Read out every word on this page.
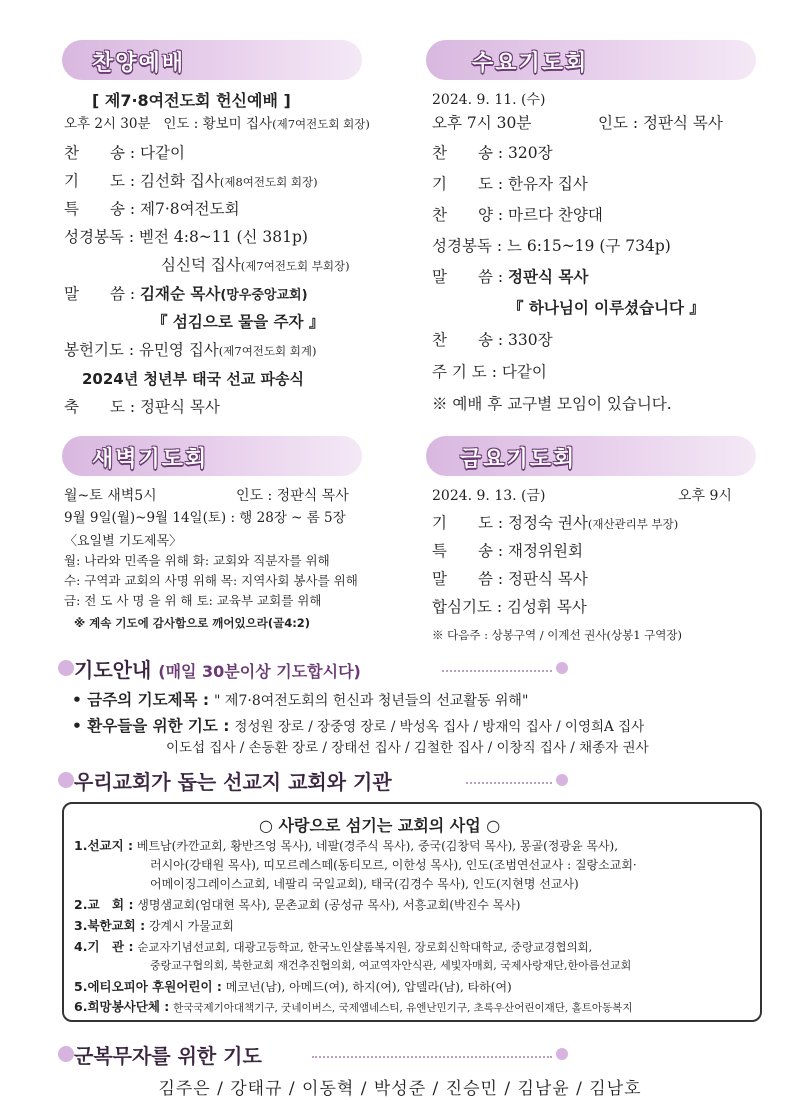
찬양예배	수요기도회
[ 제7·8여전도회 헌신예배 ]
오후 2시 30분 인도 : 황보미 집사(제7여전도회 회장)
찬　　송 : 다같이
기　　도 : 김선화 집사(제8여전도회 회장)
특　　송 : 제7·8여전도회
성경봉독 : 벧전 4:8~11 (신 381p)
심신덕 집사(제7여전도회 부회장)
말　　씀 : 김재순 목사(망우중앙교회)
『 섬김으로 물을 주자 』
봉헌기도 : 유민영 집사(제7여전도회 회계)
2024년 청년부 태국 선교 파송식
축　　도 : 정판식 목사
2024. 9. 11. (수)
오후 7시 30분	인도 : 정판식 목사
찬　　송 : 320장
기　　도 : 한유자 집사
찬　　양 : 마르다 찬양대
성경봉독 : 느 6:15~19 (구 734p)
말　　씀 : 정판식 목사
『 하나님이 이루셨습니다 』
찬　　송 : 330장
주 기 도 : 다같이
※ 예배 후 교구별 모임이 있습니다.
새벽기도회	금요기도회
월~토 새벽5시	인도 : 정판식 목사
9월 9일(월)~9월 14일(토) : 행 28장 ~ 롬 5장
〈요일별 기도제목〉
월: 나라와 민족을 위해 화: 교회와 직분자를 위해
수: 구역과 교회의 사명 위해 목: 지역사회 봉사를 위해
금: 전 도 사 명 을 위 해 토: 교육부 교회를 위해
※ 계속 기도에 감사함으로 깨어있으라(골4:2)
2024. 9. 13. (금)	오후 9시
기　　도 : 정정숙 권사(재산관리부 부장)
특　　송 : 재정위원회
말　　씀 : 정판식 목사
합심기도 : 김성휘 목사
※ 다음주 : 상봉구역 / 이계선 권사(상봉1 구역장)
기도안내 (매일 30분이상 기도합시다)
• 금주의 기도제목 : " 제7·8여전도회의 헌신과 청년들의 선교활동 위해"
• 환우들을 위한 기도 : 정성원 장로 / 장중영 장로 / 박성옥 집사 / 방재익 집사 / 이영희A 집사
이도섭 집사 / 손동환 장로 / 장태선 집사 / 김철한 집사 / 이창직 집사 / 채종자 권사
우리교회가 돕는 선교지 교회와 기관
○ 사랑으로 섬기는 교회의 사업 ○
1.선교지 : 베트남(카깐교회, 황반즈엉 목사), 네팔(경주식 목사), 중국(김창덕 목사), 몽골(정광윤 목사),
러시아(강태원 목사), 띠모르레스떼(동티모르, 이한성 목사), 인도(조범연선교사 : 질랑소교회·
어메이징그레이스교회, 네팔리 국일교회), 태국(김경수 목사), 인도(지현명 선교사)
2.교　회 : 생명샘교회(엄대현 목사), 문촌교회 (공성규 목사), 서흥교회(박진수 목사)
3.북한교회 : 강계시 가물교회
4.기　관 : 순교자기념선교회, 대광고등학교, 한국노인샬롬복지원, 장로회신학대학교, 중랑교경협의회,
중랑교구협의회, 북한교회 재건추진협의회, 여교역자안식관, 세빛자매회, 국제사랑재단,한아름선교회
5.에티오피아 후원어린이 : 메코넌(남), 아메드(여), 하지(여), 압델라(남), 타하(여)
6.희망봉사단체 : 한국국제기아대책기구, 굿네이버스, 국제앰네스티, 유엔난민기구, 초록우산어린이재단, 홀트아동복지
군복무자를 위한 기도
김주은 / 강태규 / 이동혁 / 박성준 / 진승민 / 김남윤 / 김남호
